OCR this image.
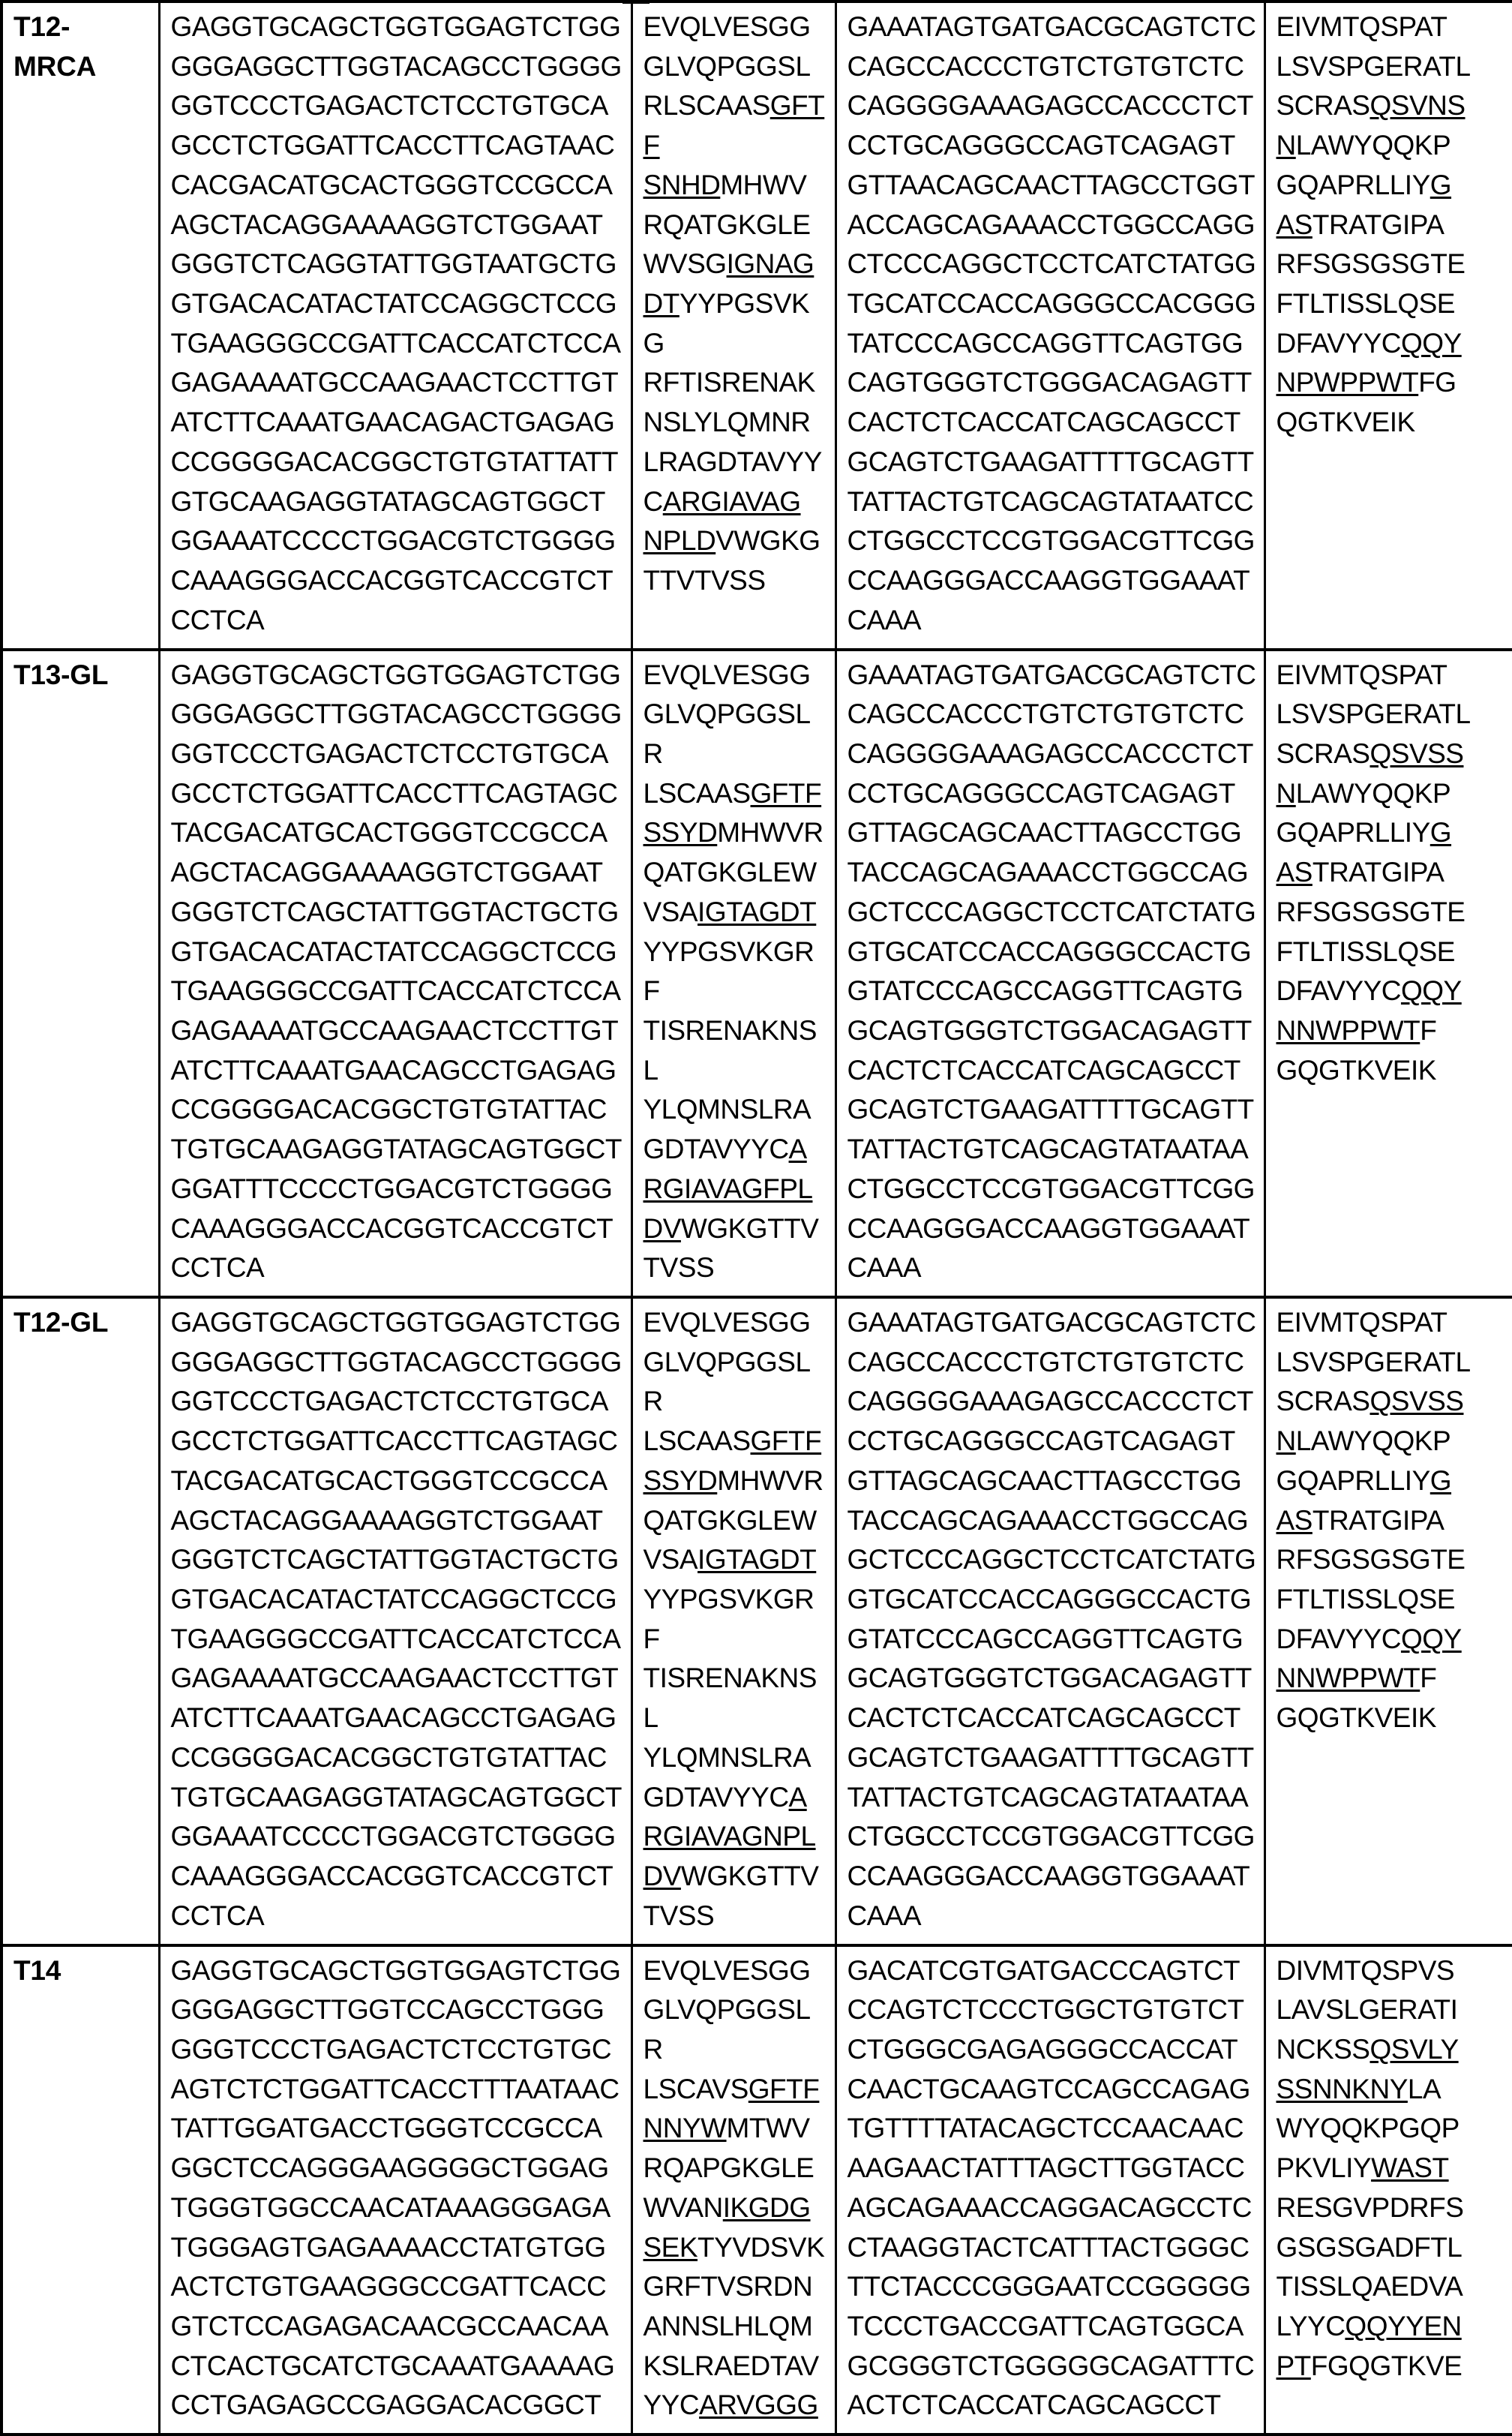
T12-
MRCA	GAGGTGCAGCTGGTGGAGTCTGGGGGAGGCTTGGTACAGCCTGGGGGGTCCCTGAGACTCTCCTGTGCAGCCTCTGGATTCACCTTCAGTAACCACGACATGCACTGGGTCCGCCAAGCTACAGGAAAAGGTCTGGAATGGGTCTCAGGTATTGGTAATGCTGGTGACACATACTATCCAGGCTCCGTGAAGGGCCGATTCACCATCTCCAGAGAAAATGCCAAGAACTCCTTGTATCTTCAAATGAACAGACTGAGAGCCGGGGACACGGCTGTGTATTATTGTGCAAGAGGTATAGCAGTGGCTGGAAATCCCCTGGACGTCTGGGGCAAAGGGACCACGGTCACCGTCTCCTCA	EVQLVESGGGLVQPGGSLRLSCAASGFTF
SNHDMHWV
RQATGKGLE
WVSGIGNAG
DTYYPGSVKG
RFTISRENAK
NSLYLQMNR
LRAGDTAVYY
CARGIAVAG
NPLDVWGKG
TTVTVSS	GAAATAGTGATGACGCAGTCTCCAGCCACCCTGTCTGTGTCTCCAGGGGAAAGAGCCACCCTCTCCTGCAGGGCCAGTCAGAGTGTTAACAGCAACTTAGCCTGGTACCAGCAGAAACCTGGCCAGGCTCCCAGGCTCCTCATCTATGGTGCATCCACCAGGGCCACGGGTATCCCAGCCAGGTTCAGTGGCAGTGGGTCTGGGACAGAGTTCACTCTCACCATCAGCAGCCTGCAGTCTGAAGATTTTGCAGTTTATTACTGTCAGCAGTATAATCCCTGGCCTCCGTGGACGTTCGGCCAAGGGACCAAGGTGGAAATCAAA	EIVMTQSPAT
LSVSPGERATL
SCRASQSVNS
NLAWYQQKP
GQAPRLLIYG
ASTRATGIPA
RFSGSGSGTE
FTLTISSLQSE
DFAVYYCQQY
NPWPPWTFG
QGTKVEIK
T13-GL	GAGGTGCAGCTGGTGGAGTCTGGGGGAGGCTTGGTACAGCCTGGGGGGTCCCTGAGACTCTCCTGTGCAGCCTCTGGATTCACCTTCAGTAGCTACGACATGCACTGGGTCCGCCAAGCTACAGGAAAAGGTCTGGAATGGGTCTCAGCTATTGGTACTGCTGGTGACACATACTATCCAGGCTCCGTGAAGGGCCGATTCACCATCTCCAGAGAAAATGCCAAGAACTCCTTGTATCTTCAAATGAACAGCCTGAGAGCCGGGGACACGGCTGTGTATTACTGTGCAAGAGGTATAGCAGTGGCTGGATTTCCCCTGGACGTCTGGGGCAAAGGGACCACGGTCACCGTCTCCTCA	EVQLVESGG
GLVQPGGSLR
LSCAASGFTF
SSYDMHWVR
QATGKGLEW
VSAIGTAGDT
YYPGSVKGRF
TISRENAKNSL
YLQMNSLRA
GDTAVYYCA
RGIAVAGFPL
DVWGKGTTV
TVSS	GAAATAGTGATGACGCAGTCTCCAGCCACCCTGTCTGTGTCTCCAGGGGAAAGAGCCACCCTCTCCTGCAGGGCCAGTCAGAGTGTTAGCAGCAACTTAGCCTGGTACCAGCAGAAACCTGGCCAGGCTCCCAGGCTCCTCATCTATGGTGCATCCACCAGGGCCACTGGTATCCCAGCCAGGTTCAGTGGCAGTGGGTCTGGACAGAGTTCACTCTCACCATCAGCAGCCTGCAGTCTGAAGATTTTGCAGTTTATTACTGTCAGCAGTATAATAACTGGCCTCCGTGGACGTTCGGCCAAGGGACCAAGGTGGAAATCAAA	EIVMTQSPAT
LSVSPGERATL
SCRASQSVSS
NLAWYQQKP
GQAPRLLIYG
ASTRATGIPA
RFSGSGSGTE
FTLTISSLQSE
DFAVYYCQQY
NNWPPWTF
GQGTKVEIK
T12-GL	GAGGTGCAGCTGGTGGAGTCTGGGGGAGGCTTGGTACAGCCTGGGGGGTCCCTGAGACTCTCCTGTGCAGCCTCTGGATTCACCTTCAGTAGCTACGACATGCACTGGGTCCGCCAAGCTACAGGAAAAGGTCTGGAATGGGTCTCAGCTATTGGTACTGCTGGTGACACATACTATCCAGGCTCCGTGAAGGGCCGATTCACCATCTCCAGAGAAAATGCCAAGAACTCCTTGTATCTTCAAATGAACAGCCTGAGAGCCGGGGACACGGCTGTGTATTACTGTGCAAGAGGTATAGCAGTGGCTGGAAATCCCCTGGACGTCTGGGGCAAAGGGACCACGGTCACCGTCTCCTCA	EVQLVESGG
GLVQPGGSLR
LSCAASGFTF
SSYDMHWVR
QATGKGLEW
VSAIGTAGDT
YYPGSVKGRF
TISRENAKNSL
YLQMNSLRA
GDTAVYYCA
RGIAVAGNPL
DVWGKGTTV
TVSS	GAAATAGTGATGACGCAGTCTCCAGCCACCCTGTCTGTGTCTCCAGGGGAAAGAGCCACCCTCTCCTGCAGGGCCAGTCAGAGTGTTAGCAGCAACTTAGCCTGGTACCAGCAGAAACCTGGCCAGGCTCCCAGGCTCCTCATCTATGGTGCATCCACCAGGGCCACTGGTATCCCAGCCAGGTTCAGTGGCAGTGGGTCTGGACAGAGTTCACTCTCACCATCAGCAGCCTGCAGTCTGAAGATTTTGCAGTTTATTACTGTCAGCAGTATAATAACTGGCCTCCGTGGACGTTCGGCCAAGGGACCAAGGTGGAAATCAAA	EIVMTQSPAT
LSVSPGERATL
SCRASQSVSS
NLAWYQQKP
GQAPRLLIYG
ASTRATGIPA
RFSGSGSGTE
FTLTISSLQSE
DFAVYYCQQY
NNWPPWTF
GQGTKVEIK
T14	GAGGTGCAGCTGGTGGAGTCTGGGGGAGGCTTGGTCCAGCCTGGGGGGTCCCTGAGACTCTCCTGTGCAGTCTCTGGATTCACCTTTAATAACTATTGGATGACCTGGGTCCGCCAGGCTCCAGGGAAGGGGCTGGAGTGGGTGGCCAACATAAAGGGAGATGGGAGTGAGAAAACCTATGTGGACTCTGTGAAGGGCCGATTCACCGTCTCCAGAGACAACGCCAACAACTCACTGCATCTGCAAATGAAAAGCCTGAGAGCCGAGGACACGGCT	EVQLVESGG
GLVQPGGSLR
LSCAVSGFTF
NNYWMTWV
RQAPGKGLE
WVANIKGDG
SEKTYVDSVK
GRFTVSRDN
ANNSLHLQM
KSLRAEDTAV
YYCARVGGG	GACATCGTGATGACCCAGTCTCCAGTCTCCCTGGCTGTGTCTCTGGGCGAGAGGGCCACCATCAACTGCAAGTCCAGCCAGAGTGTTTTATACAGCTCCAACAACAAGAACTATTTAGCTTGGTACCAGCAGAAACCAGGACAGCCTCCTAAGGTACTCATTTACTGGGCTTCTACCCGGGAATCCGGGGGTCCCTGACCGATTCAGTGGCAGCGGGTCTGGGGGCAGATTTCACTCTCACCATCAGCAGCCT	DIVMTQSPVS
LAVSLGERATI
NCKSSQSVLY
SSNNKNYLA
WYQQKPGQP
PKVLIYWAST
RESGVPDRFS
GSGSGADFTL
TISSLQAEDVA
LYYCQQYYEN
PTFGQGTKVE
